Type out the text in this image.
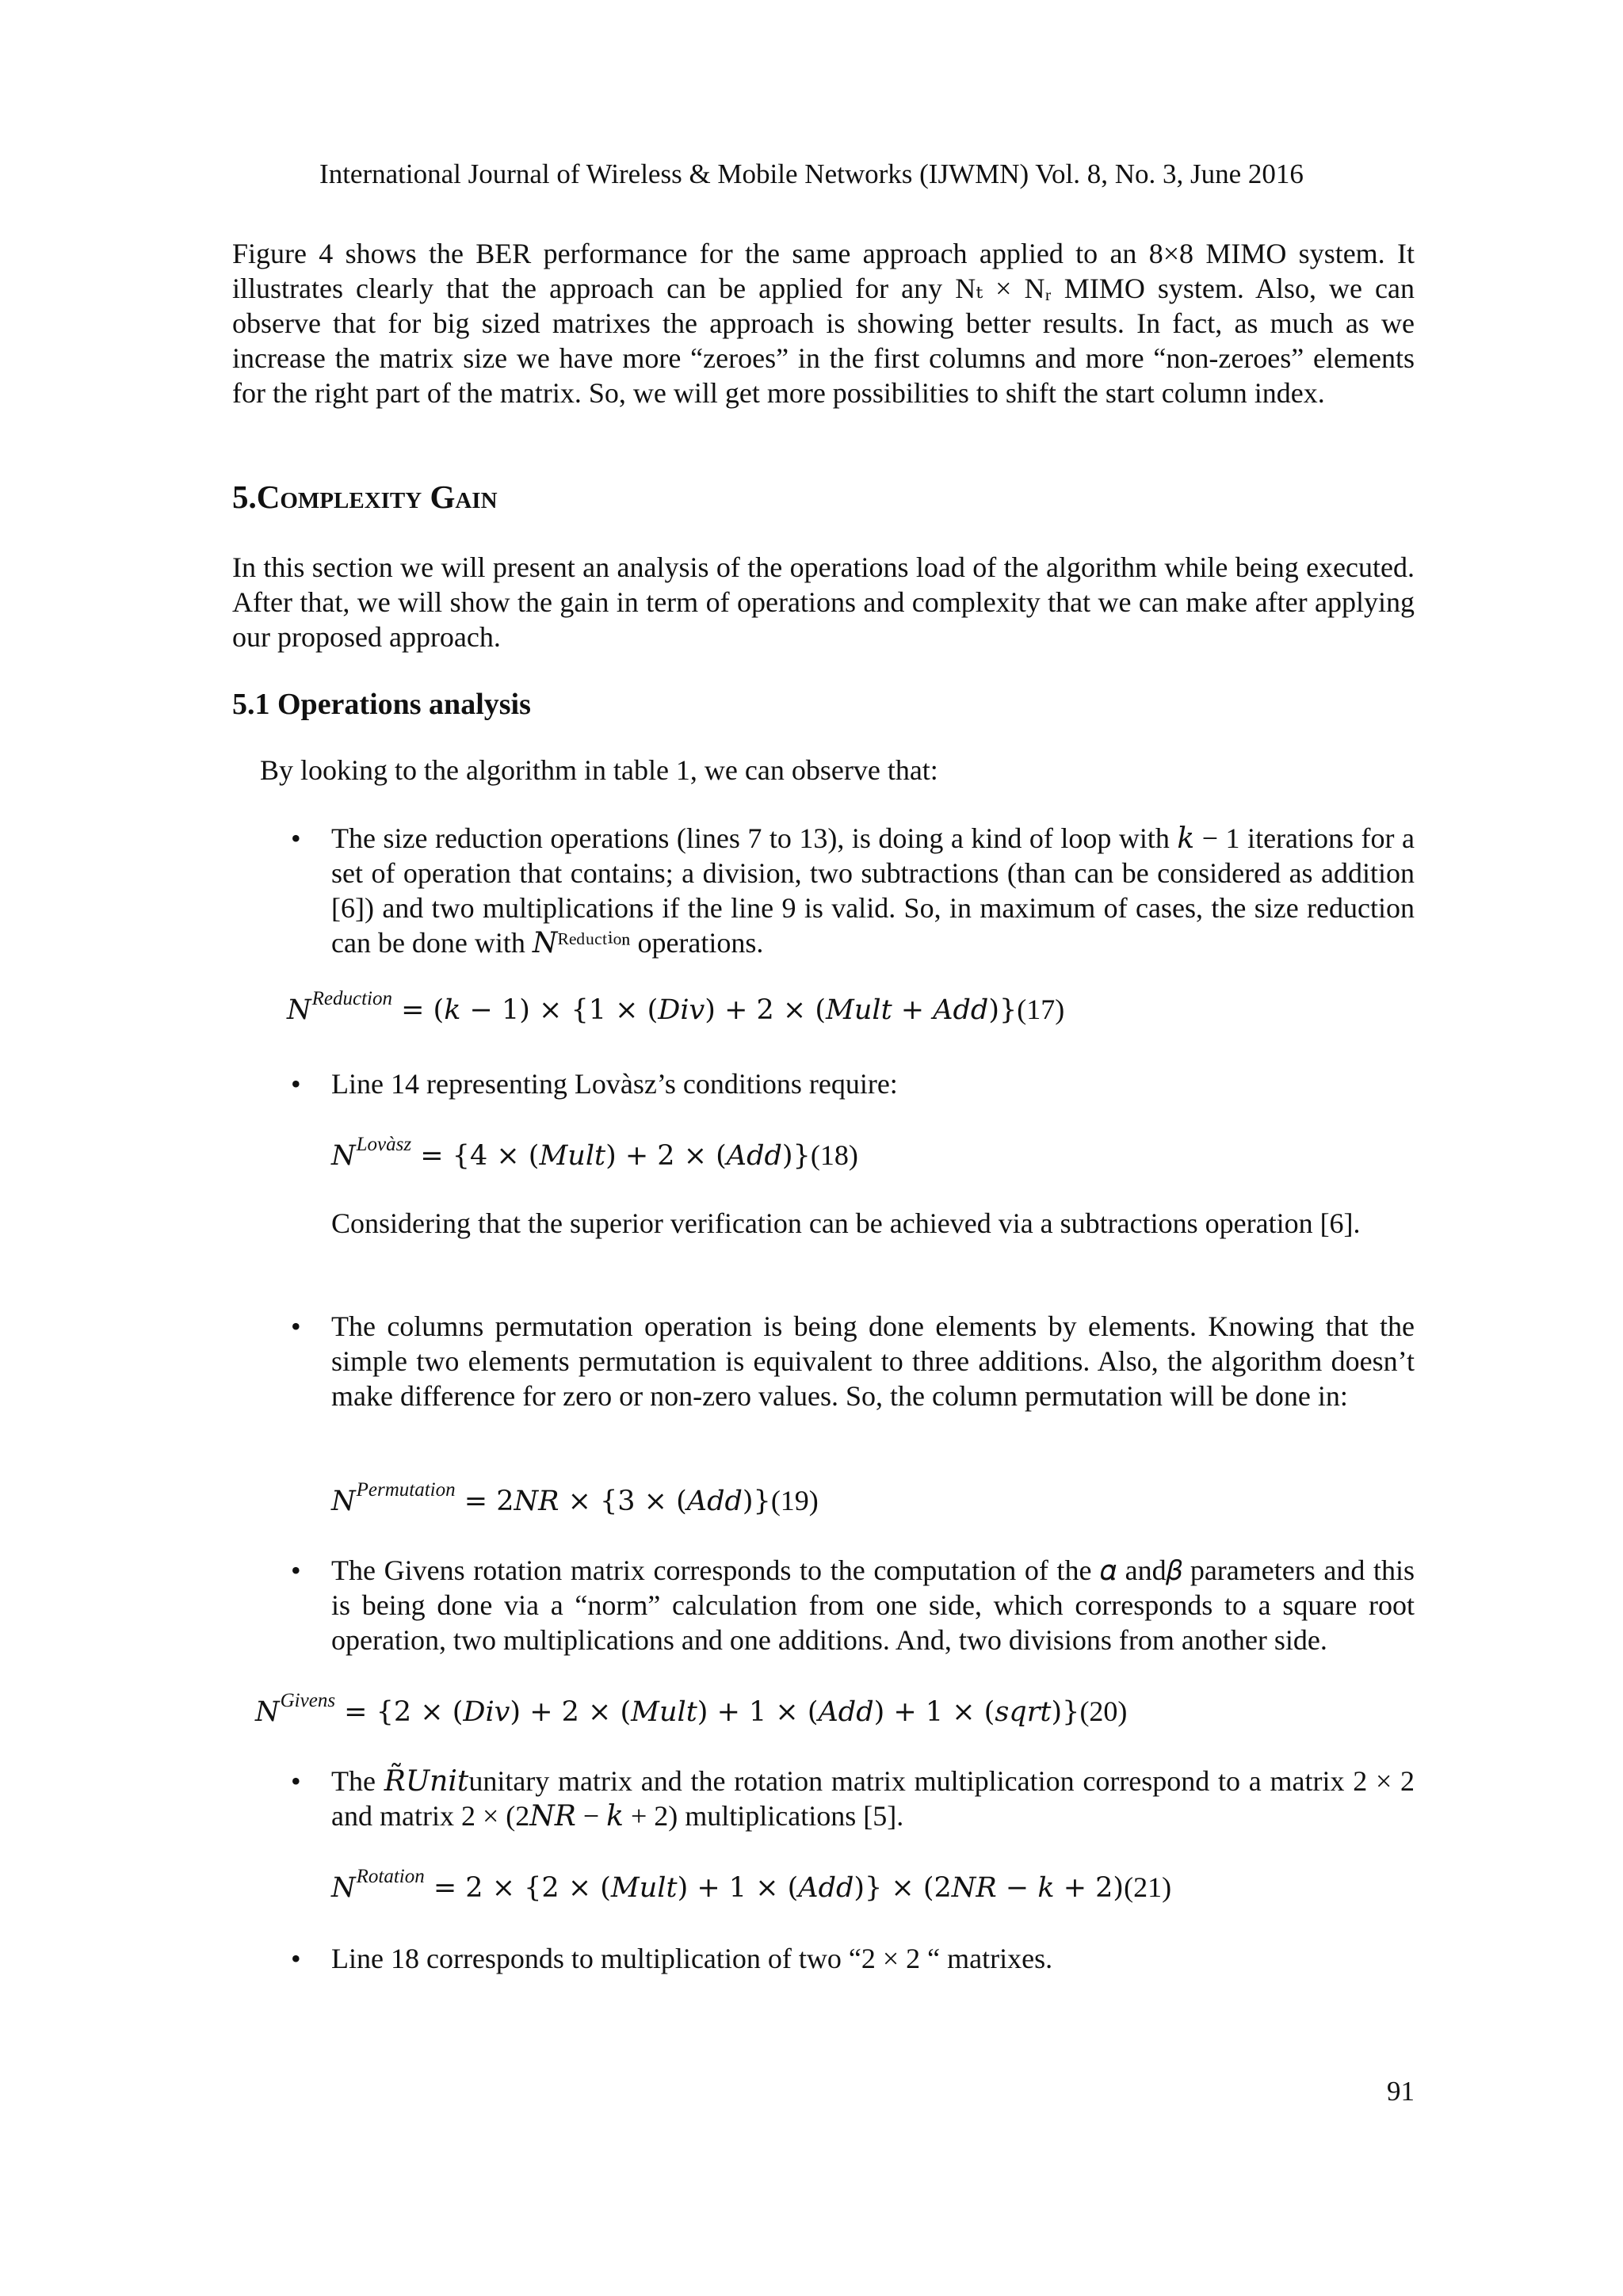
International Journal of Wireless & Mobile Networks (IJWMN) Vol. 8, No. 3, June 2016

Figure 4 shows the BER performance for the same approach applied to an 8×8 MIMO system. It illustrates clearly that the approach can be applied for any Nₜ × Nᵣ MIMO system. Also, we can observe that for big sized matrixes the approach is showing better results. In fact, as much as we increase the matrix size we have more “zeroes” in the first columns and more “non-zeroes” elements for the right part of the matrix. So, we will get more possibilities to shift the start column index.

5.Complexity Gain

In this section we will present an analysis of the operations load of the algorithm while being executed. After that, we will show the gain in term of operations and complexity that we can make after applying our proposed approach.

5.1 Operations analysis
By looking to the algorithm in table 1, we can observe that:
• The size reduction operations (lines 7 to 13), is doing a kind of loop with 𝑘 − 1 iterations for a set of operation that contains; a division, two subtractions (than can be considered as addition [6]) and two multiplications if the line 9 is valid. So, in maximum of cases, the size reduction can be done with 𝑁ᴿᵉᵈᵘᶜᵗⁱᵒⁿ operations.
𝑁$^{Reduction}$ = (𝑘 − 1) × {1 × (𝐷𝑖𝑣) + 2 × (𝑀𝑢𝑙𝑡 + 𝐴𝑑𝑑)}(17)
• Line 14 representing Lovàsz’s conditions require:
𝑁$^{Lovàsz}$ = {4 × (𝑀𝑢𝑙𝑡) + 2 × (𝐴𝑑𝑑)}(18)
Considering that the superior verification can be achieved via a subtractions operation [6].
• The columns permutation operation is being done elements by elements. Knowing that the simple two elements permutation is equivalent to three additions. Also, the algorithm doesn’t make difference for zero or non-zero values. So, the column permutation will be done in:
𝑁$^{Permutation}$ = 2𝑁𝑅 × {3 × (𝐴𝑑𝑑)}(19)
• The Givens rotation matrix corresponds to the computation of the 𝛼 and𝛽 parameters and this is being done via a “norm” calculation from one side, which corresponds to a square root operation, two multiplications and one additions. And, two divisions from another side.
𝑁$^{Givens}$ = {2 × (𝐷𝑖𝑣) + 2 × (𝑀𝑢𝑙𝑡) + 1 × (𝐴𝑑𝑑) + 1 × (𝑠𝑞𝑟𝑡)}(20)
• The 𝑅̃𝑈𝑛𝑖𝑡unitary matrix and the rotation matrix multiplication correspond to a matrix 2 × 2 and matrix 2 × (2𝑁𝑅 − 𝑘 + 2) multiplications [5].
𝑁$^{Rotation}$ = 2 × {2 × (𝑀𝑢𝑙𝑡) + 1 × (𝐴𝑑𝑑)} × (2𝑁𝑅 − 𝑘 + 2)(21)
• Line 18 corresponds to multiplication of two “2 × 2 “ matrixes.
91
